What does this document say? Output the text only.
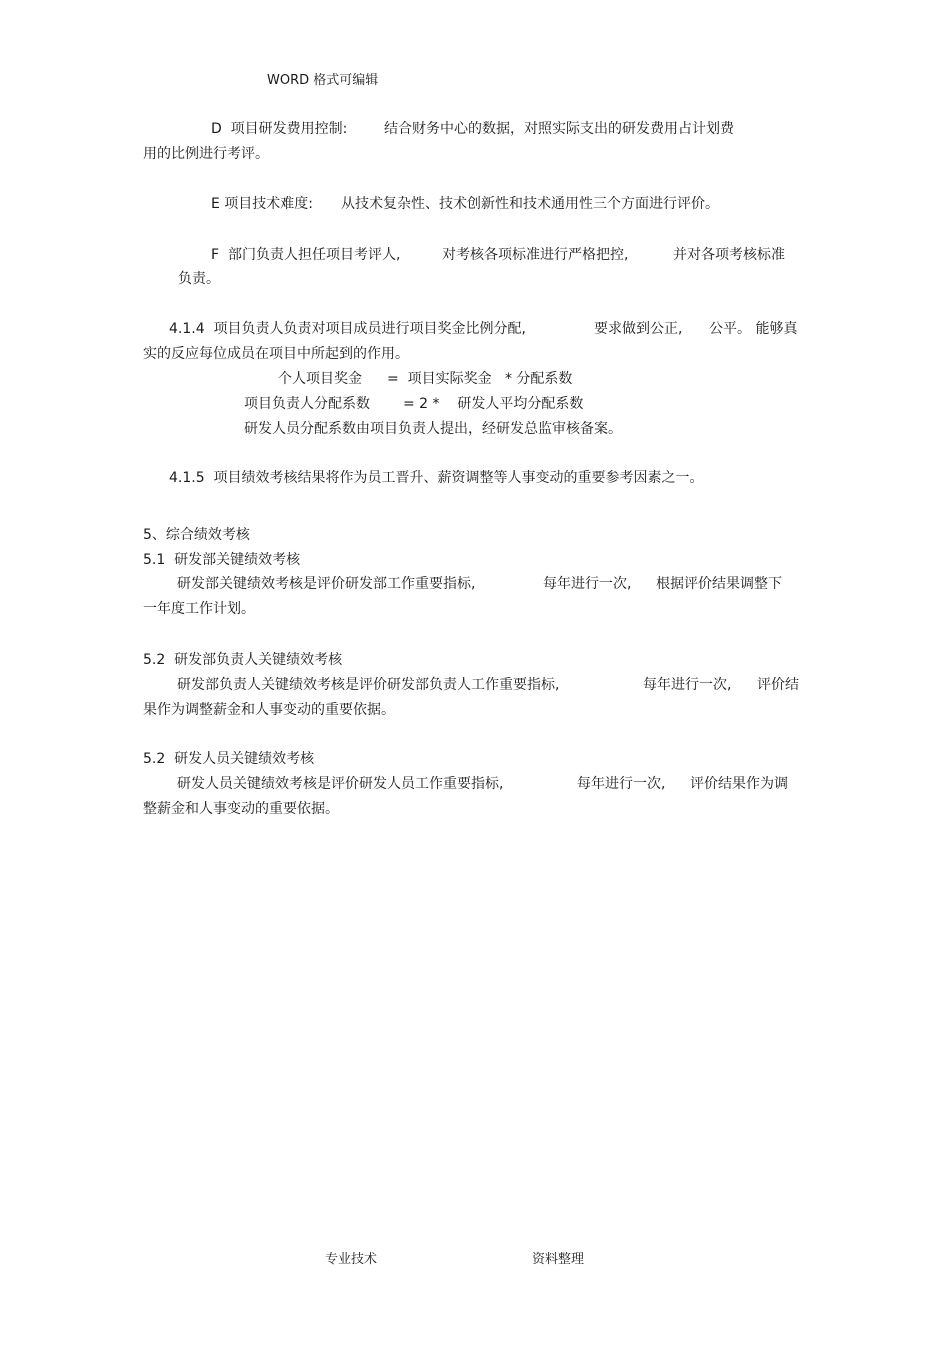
WORD 格式可编辑
D  项目研发费用控制:	结合财务中心的数据，对照实际支出的研发费用占计划费
用的比例进行考评。
E 项目技术难度: 从技术复杂性、技术创新性和技术通用性三个方面进行评价。
F  部门负责人担任项目考评人,	对考核各项标准进行严格把控,	并对各项考核标准
负责。
4.1.4  项目负责人负责对项目成员进行项目奖金比例分配,	要求做到公正, 公平。 能够真
实的反应每位成员在项目中所起到的作用。
个人项目奖金 =  项目实际奖金   * 分配系数
项目负责人分配系数 = 2 *    研发人平均分配系数
研发人员分配系数由项目负责人提出，经研发总监审核备案。
4.1.5  项目绩效考核结果将作为员工晋升、薪资调整等人事变动的重要参考因素之一。
5、综合绩效考核
5.1  研发部关键绩效考核
研发部关键绩效考核是评价研发部工作重要指标,	每年进行一次, 根据评价结果调整下
一年度工作计划。
5.2  研发部负责人关键绩效考核
研发部负责人关键绩效考核是评价研发部负责人工作重要指标,	每年进行一次, 评价结
果作为调整薪金和人事变动的重要依据。
5.2  研发人员关键绩效考核
研发人员关键绩效考核是评价研发人员工作重要指标,	每年进行一次, 评价结果作为调
整薪金和人事变动的重要依据。
专业技术	资料整理
